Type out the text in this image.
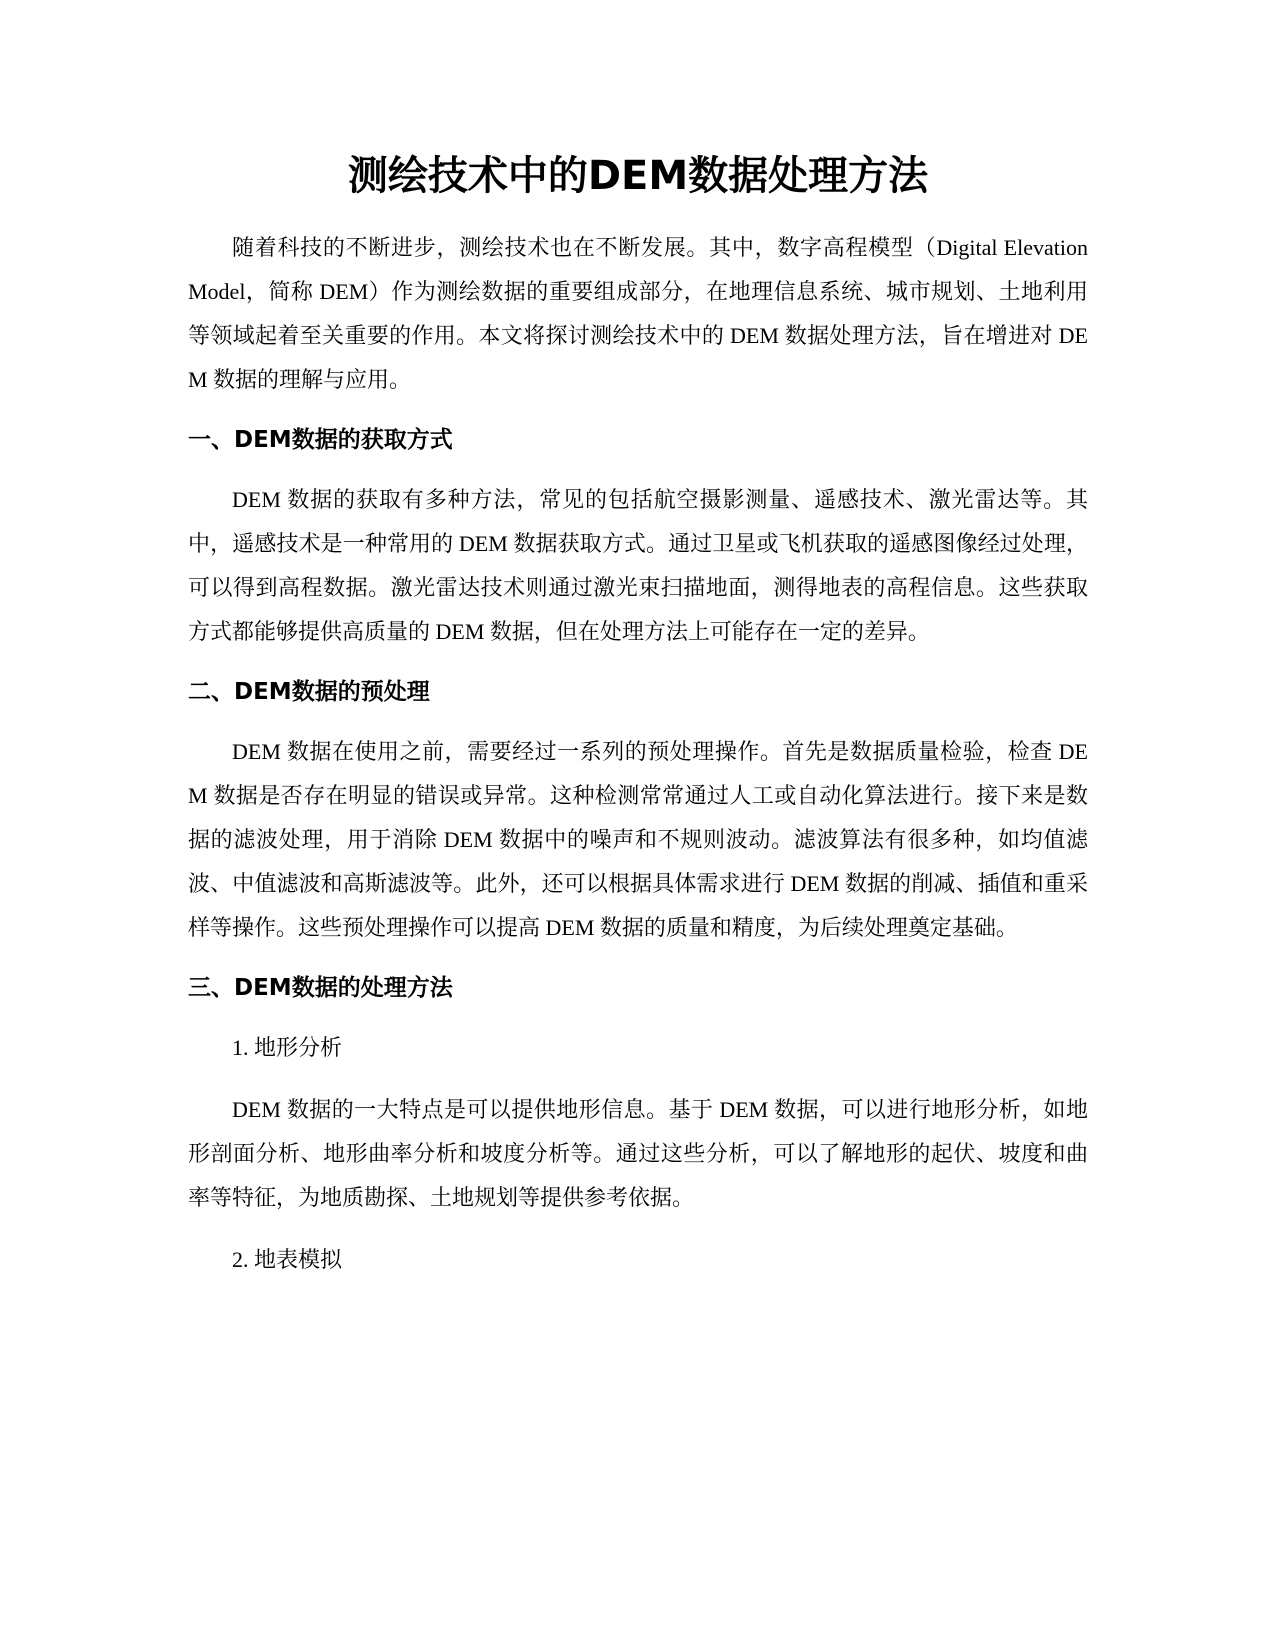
测绘技术中的DEM数据处理方法

随着科技的不断进步，测绘技术也在不断发展。其中，数字高程模型（Digital Elevation Model，简称 DEM）作为测绘数据的重要组成部分，在地理信息系统、城市规划、土地利用等领域起着至关重要的作用。本文将探讨测绘技术中的 DEM 数据处理方法，旨在增进对 DEM 数据的理解与应用。

一、DEM数据的获取方式

DEM 数据的获取有多种方法，常见的包括航空摄影测量、遥感技术、激光雷达等。其中，遥感技术是一种常用的 DEM 数据获取方式。通过卫星或飞机获取的遥感图像经过处理，可以得到高程数据。激光雷达技术则通过激光束扫描地面，测得地表的高程信息。这些获取方式都能够提供高质量的 DEM 数据，但在处理方法上可能存在一定的差异。

二、DEM数据的预处理

DEM 数据在使用之前，需要经过一系列的预处理操作。首先是数据质量检验，检查 DEM 数据是否存在明显的错误或异常。这种检测常常通过人工或自动化算法进行。接下来是数据的滤波处理，用于消除 DEM 数据中的噪声和不规则波动。滤波算法有很多种，如均值滤波、中值滤波和高斯滤波等。此外，还可以根据具体需求进行 DEM 数据的削减、插值和重采样等操作。这些预处理操作可以提高 DEM 数据的质量和精度，为后续处理奠定基础。

三、DEM数据的处理方法

1. 地形分析

DEM 数据的一大特点是可以提供地形信息。基于 DEM 数据，可以进行地形分析，如地形剖面分析、地形曲率分析和坡度分析等。通过这些分析，可以了解地形的起伏、坡度和曲率等特征，为地质勘探、土地规划等提供参考依据。

2. 地表模拟
